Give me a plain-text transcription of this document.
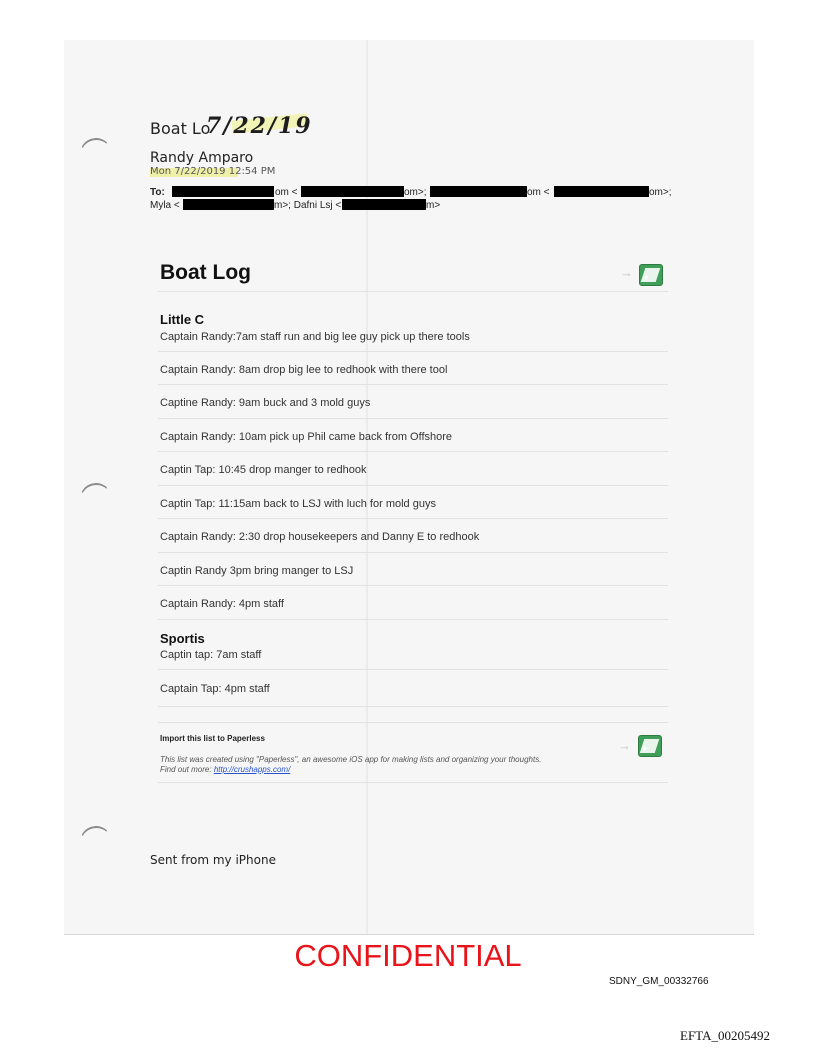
Boat Lo
7/22/19
Randy Amparo
Mon 7/22/2019 12:54 PM
To:	om <	om>;	om <	om>;
Myla <	m>; Dafni Lsj <	m>
Boat Log	→ +
Little C
Captain Randy:7am staff run and big lee guy pick up there tools
Captain Randy: 8am drop big lee to redhook with there tool
Captine Randy: 9am buck and 3 mold guys
Captain Randy: 10am pick up Phil came back from Offshore
Captin Tap: 10:45 drop manger to redhook
Captin Tap: 11:15am back to LSJ with luch for mold guys
Captain Randy: 2:30 drop housekeepers and Danny E to redhook
Captin Randy 3pm bring manger to LSJ
Captain Randy: 4pm staff
Sportis
Captin tap: 7am staff
Captain Tap: 4pm staff
Import this list to Paperless	→ +
This list was created using "Paperless", an awesome iOS app for making lists and organizing your thoughts.
Find out more: http://crushapps.com/
Sent from my iPhone
CONFIDENTIAL
SDNY_GM_00332766
EFTA_00205492
